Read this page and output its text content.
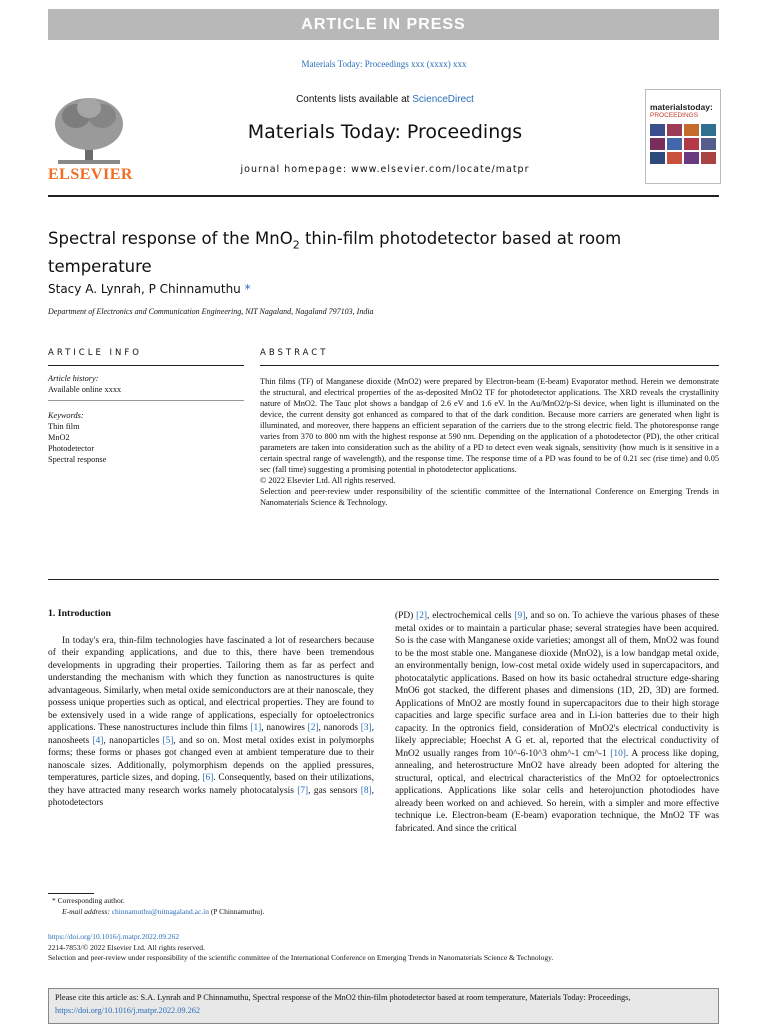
ARTICLE IN PRESS
Materials Today: Proceedings xxx (xxxx) xxx
ELSEVIER
Contents lists available at ScienceDirect
Materials Today: Proceedings
journal homepage: www.elsevier.com/locate/matpr
materialstoday:
PROCEEDINGS
Spectral response of the MnO$_2$ thin-film photodetector based at room temperature
Stacy A. Lynrah, P Chinnamuthu *
Department of Electronics and Communication Engineering, NIT Nagaland, Nagaland 797103, India
ARTICLE INFO	ABSTRACT
Article history:
Available online xxxx
Keywords:
Thin film
MnO2
Photodetector
Spectral response

Thin films (TF) of Manganese dioxide (MnO2) were prepared by Electron-beam (E-beam) Evaporator method. Herein we demonstrate the structural, and electrical properties of the as-deposited MnO2 TF for photodetector applications. The XRD reveals the crystallinity nature of MnO2. The Tauc plot shows a bandgap of 2.6 eV and 1.6 eV. In the Au/MnO2/p-Si device, when light is illuminated on the device, the current density got enhanced as compared to that of the dark condition. Because more carriers are generated when light is illuminated, and moreover, there happens an efficient separation of the carriers due to the strong electric field. The photoresponse range varies from 370 to 800 nm with the highest response at 590 nm. Depending on the application of a photodetector (PD), the other critical parameters are taken into consideration such as the ability of a PD to detect even weak signals, sensitivity (how much is it sensitive in a certain spectral range of wavelength), and the response time. The response time of a PD was found to be of 0.21 sec (rise time) and 0.05 sec (fall time) suggesting a promising potential in photodetector applications.

© 2022 Elsevier Ltd. All rights reserved.

Selection and peer-review under responsibility of the scientific committee of the International Conference on Emerging Trends in Nanomaterials Science & Technology.

1. Introduction

In today's era, thin-film technologies have fascinated a lot of researchers because of their expanding applications, and due to this, there have been tremendous developments in upgrading their properties. Tailoring them as far as perfect and understanding the mechanism with which they function as nanostructures is quite advantageous. Similarly, when metal oxide semiconductors are at their nanoscale, they possess unique properties such as optical, and electrical properties. They are found to be extensively used in a wide range of applications, especially for optoelectronics applications. These nanostructures include thin films [1], nanowires [2], nanorods [3], nanosheets [4], nanoparticles [5], and so on. Most metal oxides exist in polymorphs forms; these forms or phases got changed even at ambient temperature due to their nanoscale sizes. Additionally, polymorphism depends on the applied pressures, temperatures, particle sizes, and doping. [6]. Consequently, based on their utilizations, they have attracted many research works namely photocatalysis [7], gas sensors [8], photodetectors

(PD) [2], electrochemical cells [9], and so on. To achieve the various phases of these metal oxides or to maintain a particular phase; several strategies have been acquired. So is the case with Manganese oxide varieties; amongst all of them, MnO2 was found to be the most stable one. Manganese dioxide (MnO2), is a low bandgap metal oxide, an environmentally benign, low-cost metal oxide widely used in supercapacitors, and photocatalytic applications. Based on how its basic octahedral structure edge-sharing MnO6 got stacked, the different phases and dimensions (1D, 2D, 3D) are formed. Applications of MnO2 are mostly found in supercapacitors due to their high storage capacities and large specific surface area and in Li-ion batteries due to their high capacity. In the optronics field, consideration of MnO2's electrical conductivity is likely appreciable; Hoechst A G et. al, reported that the electrical conductivity of MnO2 usually ranges from 10^-6-10^3 ohm^-1 cm^-1 [10]. A process like doping, annealing, and heterostructure MnO2 have already been adopted for altering the structural, optical, and electrical characteristics of the MnO2 for optoelectronics applications. Applications like solar cells and heterojunction photodiodes have already been worked on and achieved. So herein, with a simpler and more effective technique i.e. Electron-beam (E-beam) evaporation technique, the MnO2 TF was fabricated. And since the critical

* Corresponding author.
E-mail address: chinnamuthu@nitnagaland.ac.in (P Chinnamuthu).
https://doi.org/10.1016/j.matpr.2022.09.262
2214-7853/© 2022 Elsevier Ltd. All rights reserved.
Selection and peer-review under responsibility of the scientific committee of the International Conference on Emerging Trends in Nanomaterials Science & Technology.
Please cite this article as: S.A. Lynrah and P Chinnamuthu, Spectral response of the MnO2 thin-film photodetector based at room temperature, Materials Today: Proceedings, https://doi.org/10.1016/j.matpr.2022.09.262
